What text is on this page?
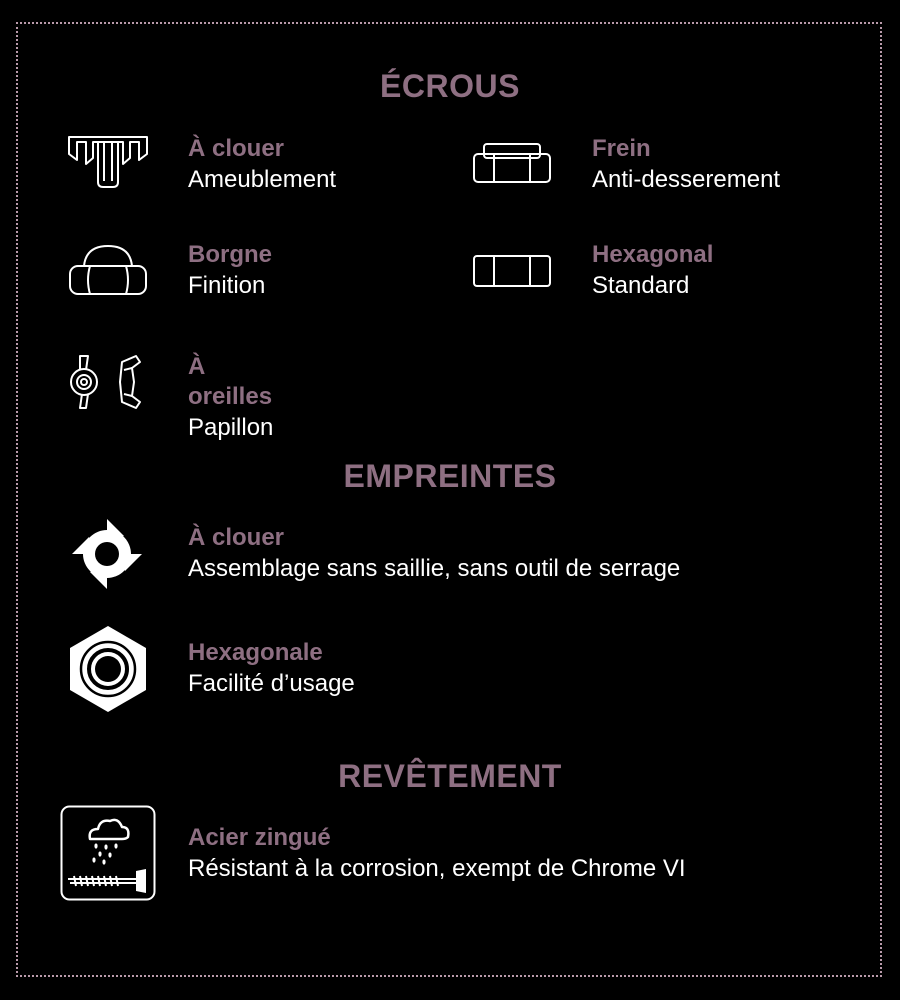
ÉCROUS
À clouer
Ameublement
Frein
Anti-desserement
Borgne
Finition
Hexagonal
Standard
À oreilles
Papillon
EMPREINTES
À clouer
Assemblage sans saillie, sans outil de serrage
Hexagonale
Facilité d’usage
REVÊTEMENT
Acier zingué
Résistant à la corrosion, exempt de Chrome VI
